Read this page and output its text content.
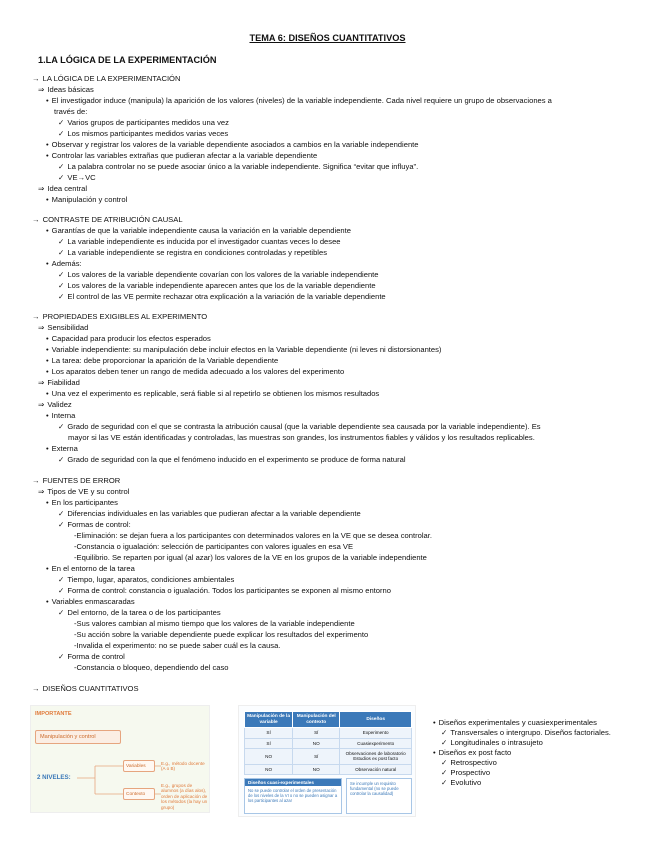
TEMA 6: DISEÑOS CUANTITATIVOS
1.LA LÓGICA DE LA EXPERIMENTACIÓN
→ LA LÓGICA DE LA EXPERIMENTACIÓN
⇒ Ideas básicas
• El investigador induce (manipula) la aparición de los valores (niveles) de la variable independiente. Cada nivel requiere un grupo de observaciones a
través de:
✓ Varios grupos de participantes medidos una vez
✓ Los mismos participantes medidos varias veces
• Observar y registrar los valores de la variable dependiente asociados a cambios en la variable independiente
• Controlar las variables extrañas que pudieran afectar a la variable dependiente
✓ La palabra controlar no se puede asociar único a la variable independiente. Significa “evitar que influya”.
✓ VE→VC
⇒ Idea central
• Manipulación y control
→ CONTRASTE DE ATRIBUCIÓN CAUSAL
• Garantías de que la variable independiente causa la variación en la variable dependiente
✓ La variable independiente es inducida por el investigador cuantas veces lo desee
✓ La variable independiente se registra en condiciones controladas y repetibles
• Además:
✓ Los valores de la variable dependiente covarían con los valores de la variable independiente
✓ Los valores de la variable independiente aparecen antes que los de la variable dependiente
✓ El control de las VE permite rechazar otra explicación a la variación de la variable dependiente
→ PROPIEDADES EXIGIBLES AL EXPERIMENTO
⇒ Sensibilidad
• Capacidad para producir los efectos esperados
• Variable independiente: su manipulación debe incluir efectos en la Variable dependiente (ni leves ni distorsionantes)
• La tarea: debe proporcionar la aparición de la Variable dependiente
• Los aparatos deben tener un rango de medida adecuado a los valores del experimento
⇒ Fiabilidad
• Una vez el experimento es replicable, será fiable si al repetirlo se obtienen los mismos resultados
⇒ Validez
• Interna
✓ Grado de seguridad con el que se contrasta la atribución causal (que la variable dependiente sea causada por la variable independiente). Es
mayor si las VE están identificadas y controladas, las muestras son grandes, los instrumentos fiables y válidos y los resultados replicables.
• Externa
✓ Grado de seguridad con la que el fenómeno inducido en el experimento se produce de forma natural
→ FUENTES DE ERROR
⇒ Tipos de VE y su control
• En los participantes
✓ Diferencias individuales en las variables que pudieran afectar a la variable dependiente
✓ Formas de control:
-Eliminación: se dejan fuera a los participantes con determinados valores en la VE que se desea controlar.
-Constancia o igualación: selección de participantes con valores iguales en esa VE
-Equilibrio. Se reparten por igual (al azar) los valores de la VE en los grupos de la variable independiente
• En el entorno de la tarea
✓ Tiempo, lugar, aparatos, condiciones ambientales
✓ Forma de control: constancia o igualación. Todos los participantes se exponen al mismo entorno
• Variables enmascaradas
✓ Del entorno, de la tarea o de los participantes
-Sus valores cambian al mismo tiempo que los valores de la variable independiente
-Su acción sobre la variable dependiente puede explicar los resultados del experimento
-Invalida el experimento: no se puede saber cuál es la causa.
✓ Forma de control
-Constancia o bloqueo, dependiendo del caso
→ DISEÑOS CUANTITATIVOS
IMPORTANTE
Manipulación y control
2 NIVELES:
Variables
Contexto
E.g., método docente (A o B)
E.g., grupos de alumnos (a días alos), orden de aplicación de los métodos (la hay un grupo)
Manipulación de la variable	Manipulación del contexto	Diseños
SÍ	SÍ	Experimento
SÍ	NO	Cuasiexperimento
NO	SÍ	Observaciones de laboratorio Estudios ex post facto
NO	NO	Observación natural
Diseños cuasi-experimentales
No se puede controlar el orden de presentación de los niveles de la VI o no se pueden asignar a los participantes al azar
Se incumple un requisito fundamental (no se puede controlar la causalidad)
• Diseños experimentales y cuasiexperimentales
✓ Transversales o intergrupo. Diseños factoriales.
✓ Longitudinales o intrasujeto
• Diseños ex post facto
✓ Retrospectivo
✓ Prospectivo
✓ Evolutivo
